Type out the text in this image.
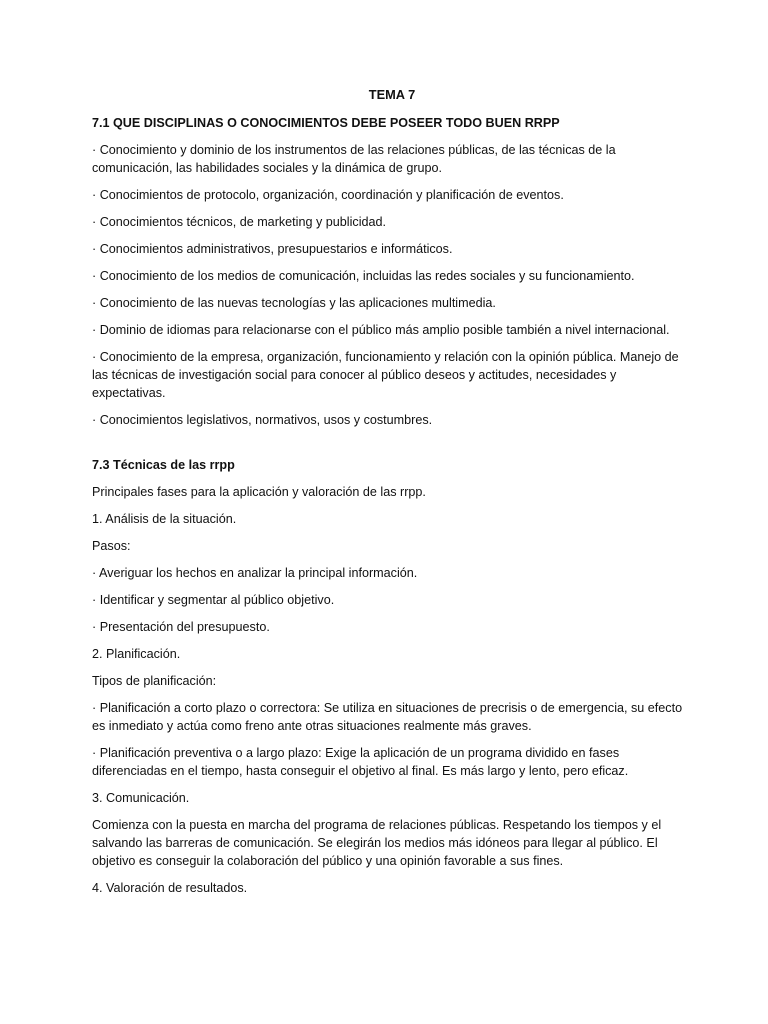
TEMA 7
7.1 QUE DISCIPLINAS O CONOCIMIENTOS DEBE POSEER TODO BUEN RRPP
· Conocimiento y dominio de los instrumentos de las relaciones públicas, de las técnicas de la comunicación, las habilidades sociales y la dinámica de grupo.
· Conocimientos de protocolo, organización, coordinación y planificación de eventos.
· Conocimientos técnicos, de marketing y publicidad.
· Conocimientos administrativos, presupuestarios e informáticos.
· Conocimiento de los medios de comunicación, incluidas las redes sociales y su funcionamiento.
· Conocimiento de las nuevas tecnologías y las aplicaciones multimedia.
· Dominio de idiomas para relacionarse con el público más amplio posible también a nivel internacional.
· Conocimiento de la empresa, organización, funcionamiento y relación con la opinión pública. Manejo de las técnicas de investigación social para conocer al público deseos y actitudes, necesidades y expectativas.
· Conocimientos legislativos, normativos, usos y costumbres.
7.3 Técnicas de las rrpp
Principales fases para la aplicación y valoración de las rrpp.
1. Análisis de la situación.
Pasos:
· Averiguar los hechos en analizar la principal información.
· Identificar y segmentar al público objetivo.
· Presentación del presupuesto.
2. Planificación.
Tipos de planificación:
· Planificación a corto plazo o correctora: Se utiliza en situaciones de precrisis o de emergencia, su efecto es inmediato y actúa como freno ante otras situaciones realmente más graves.
· Planificación preventiva o a largo plazo: Exige la aplicación de un programa dividido en fases diferenciadas en el tiempo, hasta conseguir el objetivo al final. Es más largo y lento, pero eficaz.
3. Comunicación.
Comienza con la puesta en marcha del programa de relaciones públicas. Respetando los tiempos y el salvando las barreras de comunicación. Se elegirán los medios más idóneos para llegar al público. El objetivo es conseguir la colaboración del público y una opinión favorable a sus fines.
4. Valoración de resultados.
